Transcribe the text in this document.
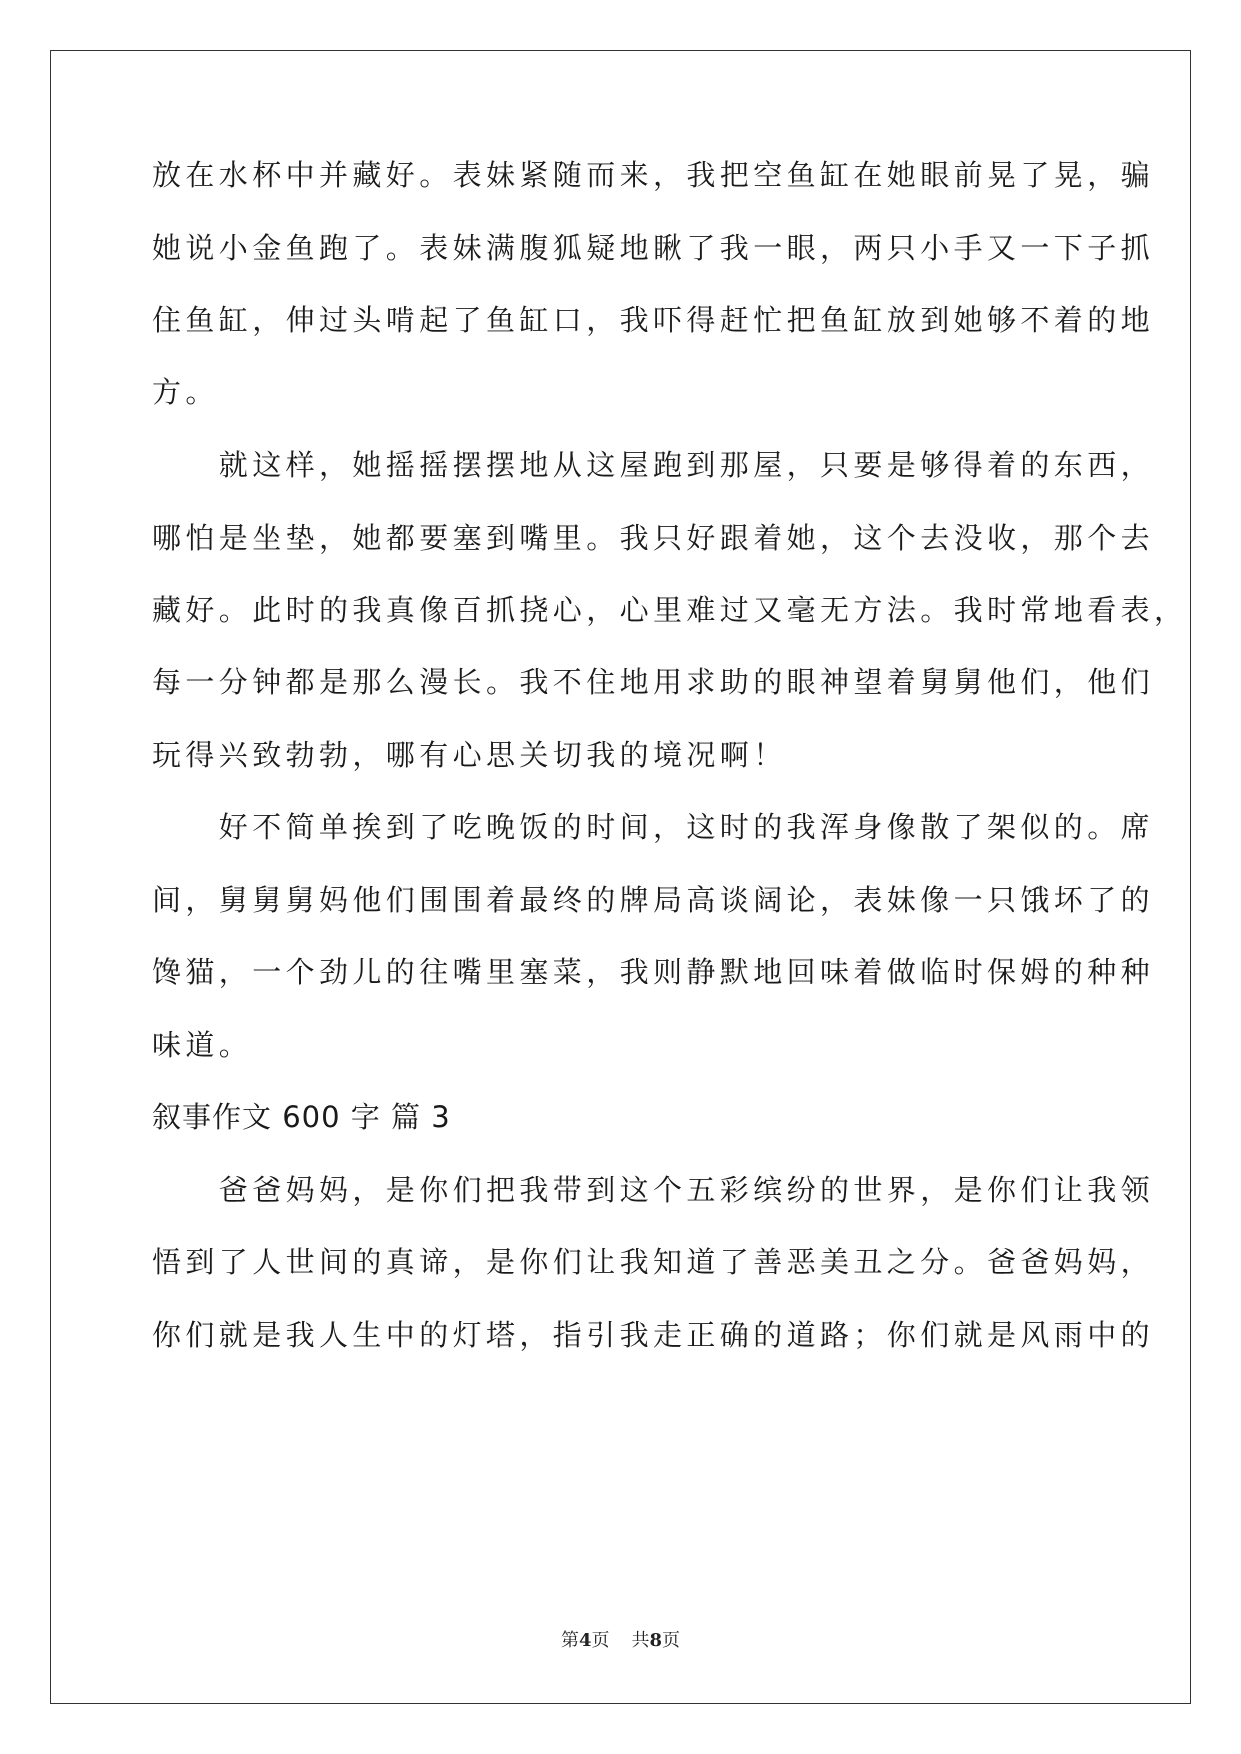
放在水杯中并藏好。表妹紧随而来，我把空鱼缸在她眼前晃了晃，骗
她说小金鱼跑了。表妹满腹狐疑地瞅了我一眼，两只小手又一下子抓
住鱼缸，伸过头啃起了鱼缸口，我吓得赶忙把鱼缸放到她够不着的地
方。
　　就这样，她摇摇摆摆地从这屋跑到那屋，只要是够得着的东西，
哪怕是坐垫，她都要塞到嘴里。我只好跟着她，这个去没收，那个去
藏好。此时的我真像百抓挠心，心里难过又毫无方法。我时常地看表，
每一分钟都是那么漫长。我不住地用求助的眼神望着舅舅他们，他们
玩得兴致勃勃，哪有心思关切我的境况啊！
　　好不简单挨到了吃晚饭的时间，这时的我浑身像散了架似的。席
间，舅舅舅妈他们围围着最终的牌局高谈阔论，表妹像一只饿坏了的
馋猫，一个劲儿的往嘴里塞菜，我则静默地回味着做临时保姆的种种
味道。
叙事作文 600 字 篇 3
　　爸爸妈妈，是你们把我带到这个五彩缤纷的世界，是你们让我领
悟到了人世间的真谛，是你们让我知道了善恶美丑之分。爸爸妈妈，
你们就是我人生中的灯塔，指引我走正确的道路；你们就是风雨中的
第4页 共8页
